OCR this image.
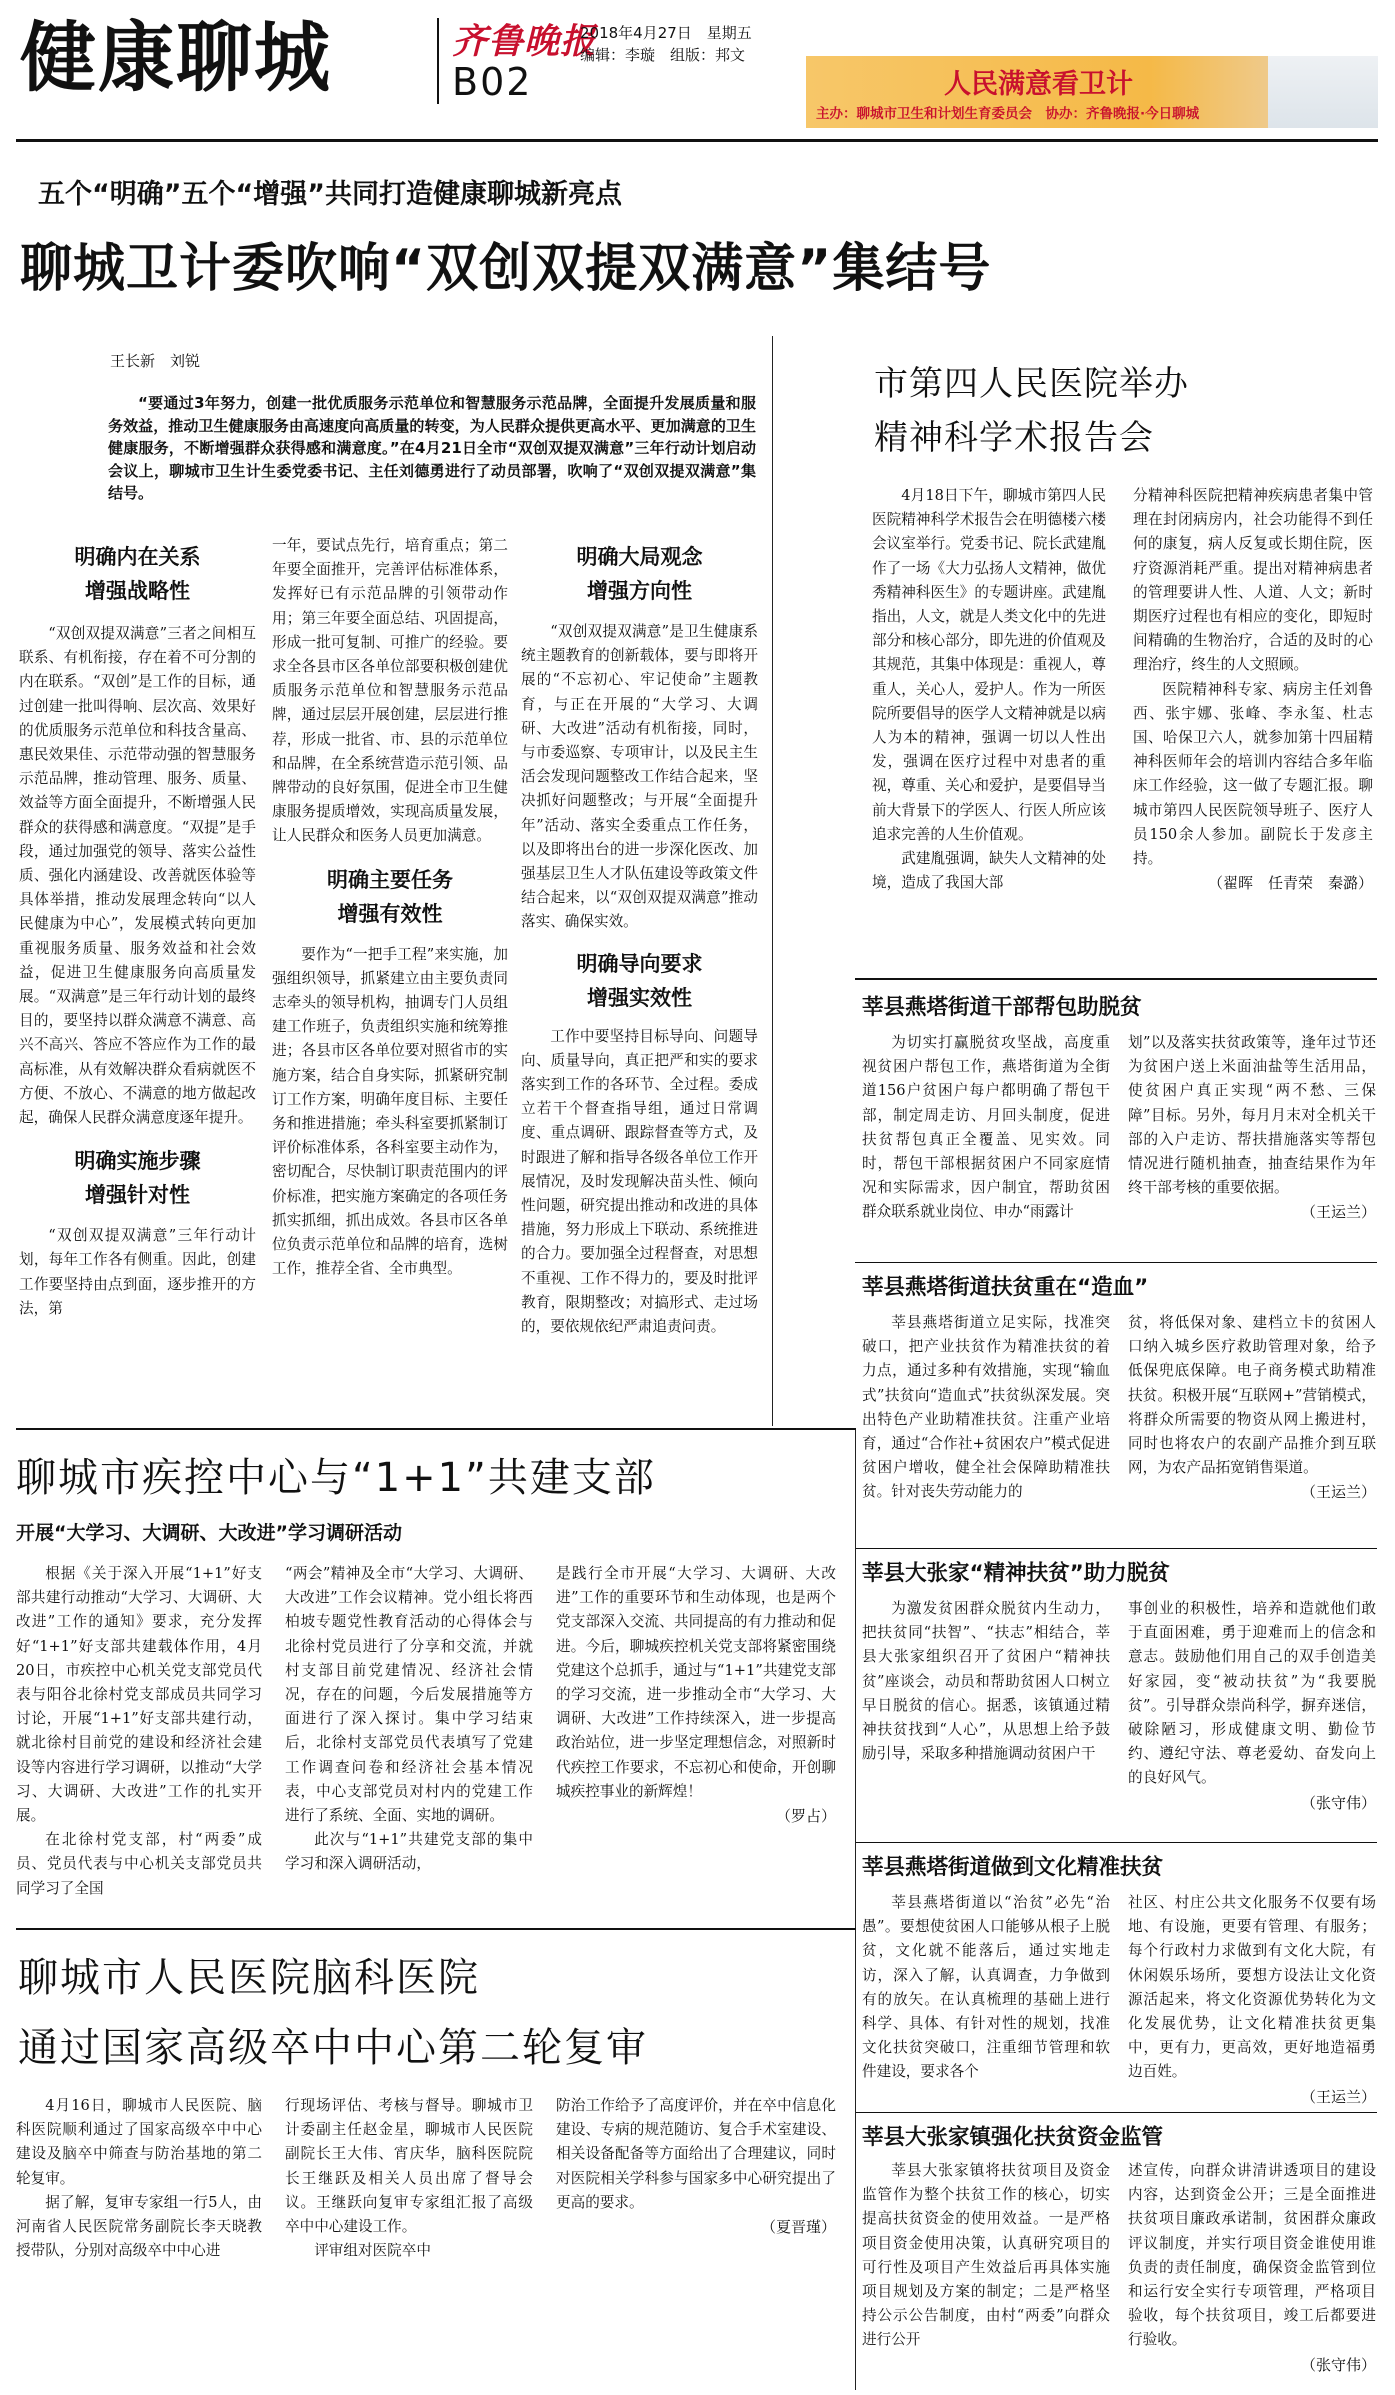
健康聊城	齐鲁晚报
B02
2018年4月27日　星期五
编辑：李璇　组版：邦文
人民满意看卫计
主办：聊城市卫生和计划生育委员会　协办：齐鲁晚报·今日聊城
五个“明确”五个“增强”共同打造健康聊城新亮点
聊城卫计委吹响“双创双提双满意”集结号
王长新　刘锐
“要通过3年努力，创建一批优质服务示范单位和智慧服务示范品牌，全面提升发展质量和服务效益，推动卫生健康服务由高速度向高质量的转变，为人民群众提供更高水平、更加满意的卫生健康服务，不断增强群众获得感和满意度。”在4月21日全市“双创双提双满意”三年行动计划启动会议上，聊城市卫生计生委党委书记、主任刘德勇进行了动员部署，吹响了“双创双提双满意”集结号。
明确内在关系
增强战略性

“双创双提双满意”三者之间相互联系、有机衔接，存在着不可分割的内在联系。“双创”是工作的目标，通过创建一批叫得响、层次高、效果好的优质服务示范单位和科技含量高、惠民效果佳、示范带动强的智慧服务示范品牌，推动管理、服务、质量、效益等方面全面提升，不断增强人民群众的获得感和满意度。“双提”是手段，通过加强党的领导、落实公益性质、强化内涵建设、改善就医体验等具体举措，推动发展理念转向“以人民健康为中心”，发展模式转向更加重视服务质量、服务效益和社会效益，促进卫生健康服务向高质量发展。“双满意”是三年行动计划的最终目的，要坚持以群众满意不满意、高兴不高兴、答应不答应作为工作的最高标准，从有效解决群众看病就医不方便、不放心、不满意的地方做起改起，确保人民群众满意度逐年提升。

明确实施步骤
增强针对性

“双创双提双满意”三年行动计划，每年工作各有侧重。因此，创建工作要坚持由点到面，逐步推开的方法，第

一年，要试点先行，培育重点；第二年要全面推开，完善评估标准体系，发挥好已有示范品牌的引领带动作用；第三年要全面总结、巩固提高，形成一批可复制、可推广的经验。要求全各县市区各单位部要积极创建优质服务示范单位和智慧服务示范品牌，通过层层开展创建，层层进行推荐，形成一批省、市、县的示范单位和品牌，在全系统营造示范引领、品牌带动的良好氛围，促进全市卫生健康服务提质增效，实现高质量发展，让人民群众和医务人员更加满意。

明确主要任务
增强有效性

要作为“一把手工程”来实施，加强组织领导，抓紧建立由主要负责同志牵头的领导机构，抽调专门人员组建工作班子，负责组织实施和统筹推进；各县市区各单位要对照省市的实施方案，结合自身实际，抓紧研究制订工作方案，明确年度目标、主要任务和推进措施；牵头科室要抓紧制订评价标准体系，各科室要主动作为，密切配合，尽快制订职责范围内的评价标准，把实施方案确定的各项任务抓实抓细，抓出成效。各县市区各单位负责示范单位和品牌的培育，选树工作，推荐全省、全市典型。

明确大局观念
增强方向性

“双创双提双满意”是卫生健康系统主题教育的创新载体，要与即将开展的“不忘初心、牢记使命”主题教育，与正在开展的“大学习、大调研、大改进”活动有机衔接，同时，与市委巡察、专项审计，以及民主生活会发现问题整改工作结合起来，坚决抓好问题整改；与开展“全面提升年”活动、落实全委重点工作任务，以及即将出台的进一步深化医改、加强基层卫生人才队伍建设等政策文件结合起来，以“双创双提双满意”推动落实、确保实效。

明确导向要求
增强实效性

工作中要坚持目标导向、问题导向、质量导向，真正把严和实的要求落实到工作的各环节、全过程。委成立若干个督查指导组，通过日常调度、重点调研、跟踪督查等方式，及时跟进了解和指导各级各单位工作开展情况，及时发现解决苗头性、倾向性问题，研究提出推动和改进的具体措施，努力形成上下联动、系统推进的合力。要加强全过程督查，对思想不重视、工作不得力的，要及时批评教育，限期整改；对搞形式、走过场的，要依规依纪严肃追责问责。

市第四人民医院举办
精神科学术报告会

4月18日下午，聊城市第四人民医院精神科学术报告会在明德楼六楼会议室举行。党委书记、院长武建胤作了一场《大力弘扬人文精神，做优秀精神科医生》的专题讲座。武建胤指出，人文，就是人类文化中的先进部分和核心部分，即先进的价值观及其规范，其集中体现是：重视人，尊重人，关心人，爱护人。作为一所医院所要倡导的医学人文精神就是以病人为本的精神，强调一切以人性出发，强调在医疗过程中对患者的重视，尊重、关心和爱护，是要倡导当前大背景下的学医人、行医人所应该追求完善的人生价值观。

武建胤强调，缺失人文精神的处境，造成了我国大部

分精神科医院把精神疾病患者集中管理在封闭病房内，社会功能得不到任何的康复，病人反复或长期住院，医疗资源消耗严重。提出对精神病患者的管理要讲人性、人道、人文；新时期医疗过程也有相应的变化，即短时间精确的生物治疗，合适的及时的心理治疗，终生的人文照顾。

医院精神科专家、病房主任刘鲁西、张宇娜、张峰、李永玺、杜志国、哈保卫六人，就参加第十四届精神科医师年会的培训内容结合多年临床工作经验，这一做了专题汇报。聊城市第四人民医院领导班子、医疗人员150余人参加。副院长于发彦主持。

（翟晖　任青荣　秦潞）

莘县燕塔街道干部帮包助脱贫

为切实打赢脱贫攻坚战，高度重视贫困户帮包工作，燕塔街道为全街道156户贫困户每户都明确了帮包干部，制定周走访、月回头制度，促进扶贫帮包真正全覆盖、见实效。同时，帮包干部根据贫困户不同家庭情况和实际需求，因户制宜，帮助贫困群众联系就业岗位、申办“雨露计

划”以及落实扶贫政策等，逢年过节还为贫困户送上米面油盐等生活用品，使贫困户真正实现“两不愁、三保障”目标。另外，每月月末对全机关干部的入户走访、帮扶措施落实等帮包情况进行随机抽查，抽查结果作为年终干部考核的重要依据。

（王运兰）

莘县燕塔街道扶贫重在“造血”

莘县燕塔街道立足实际，找准突破口，把产业扶贫作为精准扶贫的着力点，通过多种有效措施，实现“输血式”扶贫向“造血式”扶贫纵深发展。突出特色产业助精准扶贫。注重产业培育，通过“合作社+贫困农户”模式促进贫困户增收，健全社会保障助精准扶贫。针对丧失劳动能力的

贫，将低保对象、建档立卡的贫困人口纳入城乡医疗救助管理对象，给予低保兜底保障。电子商务模式助精准扶贫。积极开展“互联网+”营销模式，将群众所需要的物资从网上搬进村，同时也将农户的农副产品推介到互联网，为农产品拓宽销售渠道。

（王运兰）

莘县大张家“精神扶贫”助力脱贫

为激发贫困群众脱贫内生动力，把扶贫同“扶智”、“扶志”相结合，莘县大张家组织召开了贫困户“精神扶贫”座谈会，动员和帮助贫困人口树立早日脱贫的信心。据悉，该镇通过精神扶贫找到“人心”，从思想上给予鼓励引导，采取多种措施调动贫困户干

事创业的积极性，培养和造就他们敢于直面困难，勇于迎难而上的信念和意志。鼓励他们用自己的双手创造美好家园，变“被动扶贫”为“我要脱贫”。引导群众崇尚科学，摒弃迷信，破除陋习，形成健康文明、勤俭节约、遵纪守法、尊老爱幼、奋发向上的良好风气。

（张守伟）

莘县燕塔街道做到文化精准扶贫

莘县燕塔街道以“治贫”必先“治愚”。要想使贫困人口能够从根子上脱贫，文化就不能落后，通过实地走访，深入了解，认真调查，力争做到有的放矢。在认真梳理的基础上进行科学、具体、有针对性的规划，找准文化扶贫突破口，注重细节管理和软件建设，要求各个

社区、村庄公共文化服务不仅要有场地、有设施，更要有管理、有服务；每个行政村力求做到有文化大院，有休闲娱乐场所，要想方设法让文化资源活起来，将文化资源优势转化为文化发展优势，让文化精准扶贫更集中，更有力，更高效，更好地造福勇边百姓。

（王运兰）

莘县大张家镇强化扶贫资金监管

莘县大张家镇将扶贫项目及资金监管作为整个扶贫工作的核心，切实提高扶贫资金的使用效益。一是严格项目资金使用决策，认真研究项目的可行性及项目产生效益后再具体实施项目规划及方案的制定；二是严格坚持公示公告制度，由村“两委”向群众进行公开

述宣传，向群众讲清讲透项目的建设内容，达到资金公开；三是全面推进扶贫项目廉政承诺制，贫困群众廉政评议制度，并实行项目资金谁使用谁负责的责任制度，确保资金监管到位和运行安全实行专项管理，严格项目验收，每个扶贫项目，竣工后都要进行验收。

（张守伟）

聊城市疾控中心与“1+1”共建支部
开展“大学习、大调研、大改进”学习调研活动

根据《关于深入开展“1+1”好支部共建行动推动“大学习、大调研、大改进”工作的通知》要求，充分发挥好“1+1”好支部共建载体作用，4月20日，市疾控中心机关党支部党员代表与阳谷北徐村党支部成员共同学习讨论，开展“1+1”好支部共建行动，就北徐村目前党的建设和经济社会建设等内容进行学习调研，以推动“大学习、大调研、大改进”工作的扎实开展。

在北徐村党支部，村“两委”成员、党员代表与中心机关支部党员共同学习了全国

“两会”精神及全市“大学习、大调研、大改进”工作会议精神。党小组长将西柏坡专题党性教育活动的心得体会与北徐村党员进行了分享和交流，并就村支部目前党建情况、经济社会情况，存在的问题，今后发展措施等方面进行了深入探讨。集中学习结束后，北徐村支部党员代表填写了党建工作调查问卷和经济社会基本情况表，中心支部党员对村内的党建工作进行了系统、全面、实地的调研。

此次与“1+1”共建党支部的集中学习和深入调研活动，

是践行全市开展“大学习、大调研、大改进”工作的重要环节和生动体现，也是两个党支部深入交流、共同提高的有力推动和促进。今后，聊城疾控机关党支部将紧密围绕党建这个总抓手，通过与“1+1”共建党支部的学习交流，进一步推动全市“大学习、大调研、大改进”工作持续深入，进一步提高政治站位，进一步坚定理想信念，对照新时代疾控工作要求，不忘初心和使命，开创聊城疾控事业的新辉煌！

（罗占）

聊城市人民医院脑科医院
通过国家高级卒中中心第二轮复审

4月16日，聊城市人民医院、脑科医院顺利通过了国家高级卒中中心建设及脑卒中筛查与防治基地的第二轮复审。

据了解，复审专家组一行5人，由河南省人民医院常务副院长李天晓教授带队，分别对高级卒中中心进

行现场评估、考核与督导。聊城市卫计委副主任赵金星，聊城市人民医院副院长王大伟、宵庆华，脑科医院院长王继跃及相关人员出席了督导会议。王继跃向复审专家组汇报了高级卒中中心建设工作。

评审组对医院卒中

防治工作给予了高度评价，并在卒中信息化建设、专病的规范随访、复合手术室建设、相关设备配备等方面给出了合理建议，同时对医院相关学科参与国家多中心研究提出了更高的要求。

（夏晋瑾）
